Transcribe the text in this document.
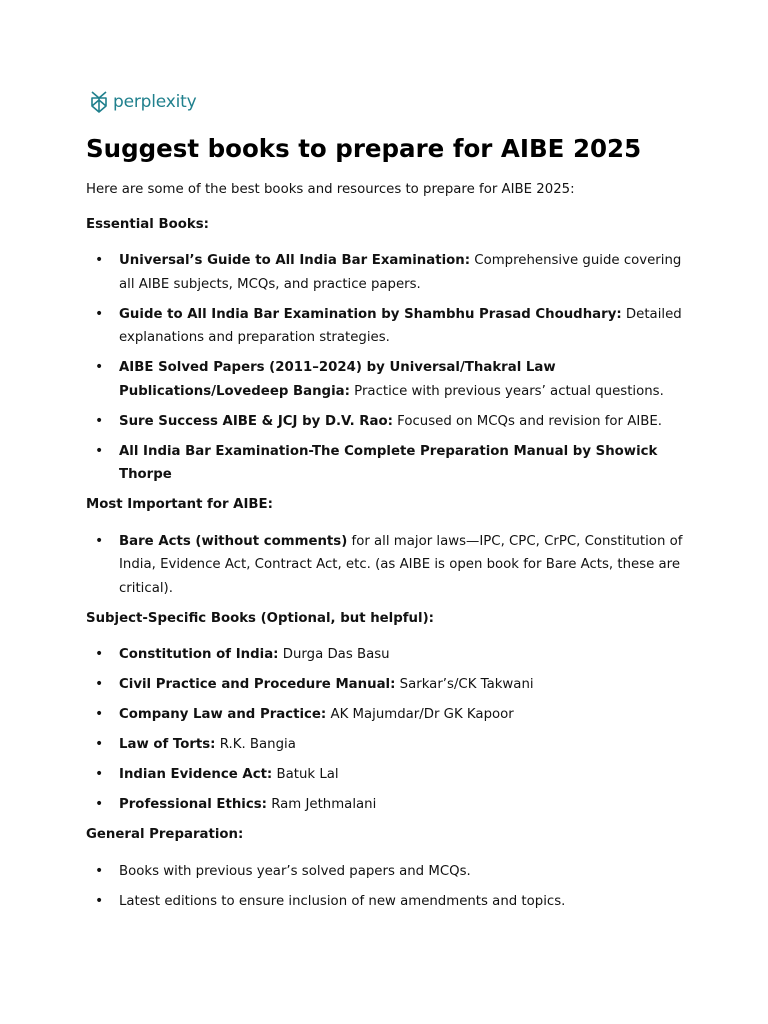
perplexity
Suggest books to prepare for AIBE 2025

Here are some of the best books and resources to prepare for AIBE 2025:

Essential Books:

• Universal’s Guide to All India Bar Examination: Comprehensive guide covering all AIBE subjects, MCQs, and practice papers.
• Guide to All India Bar Examination by Shambhu Prasad Choudhary: Detailed explanations and preparation strategies.
• AIBE Solved Papers (2011–2024) by Universal/Thakral Law Publications/Lovedeep Bangia: Practice with previous years’ actual questions.
• Sure Success AIBE & JCJ by D.V. Rao: Focused on MCQs and revision for AIBE.
• All India Bar Examination-The Complete Preparation Manual by Showick Thorpe

Most Important for AIBE:

• Bare Acts (without comments) for all major laws—IPC, CPC, CrPC, Constitution of India, Evidence Act, Contract Act, etc. (as AIBE is open book for Bare Acts, these are critical).

Subject-Specific Books (Optional, but helpful):

• Constitution of India: Durga Das Basu
• Civil Practice and Procedure Manual: Sarkar’s/CK Takwani
• Company Law and Practice: AK Majumdar/Dr GK Kapoor
• Law of Torts: R.K. Bangia
• Indian Evidence Act: Batuk Lal
• Professional Ethics: Ram Jethmalani

General Preparation:

• Books with previous year’s solved papers and MCQs.
• Latest editions to ensure inclusion of new amendments and topics.
